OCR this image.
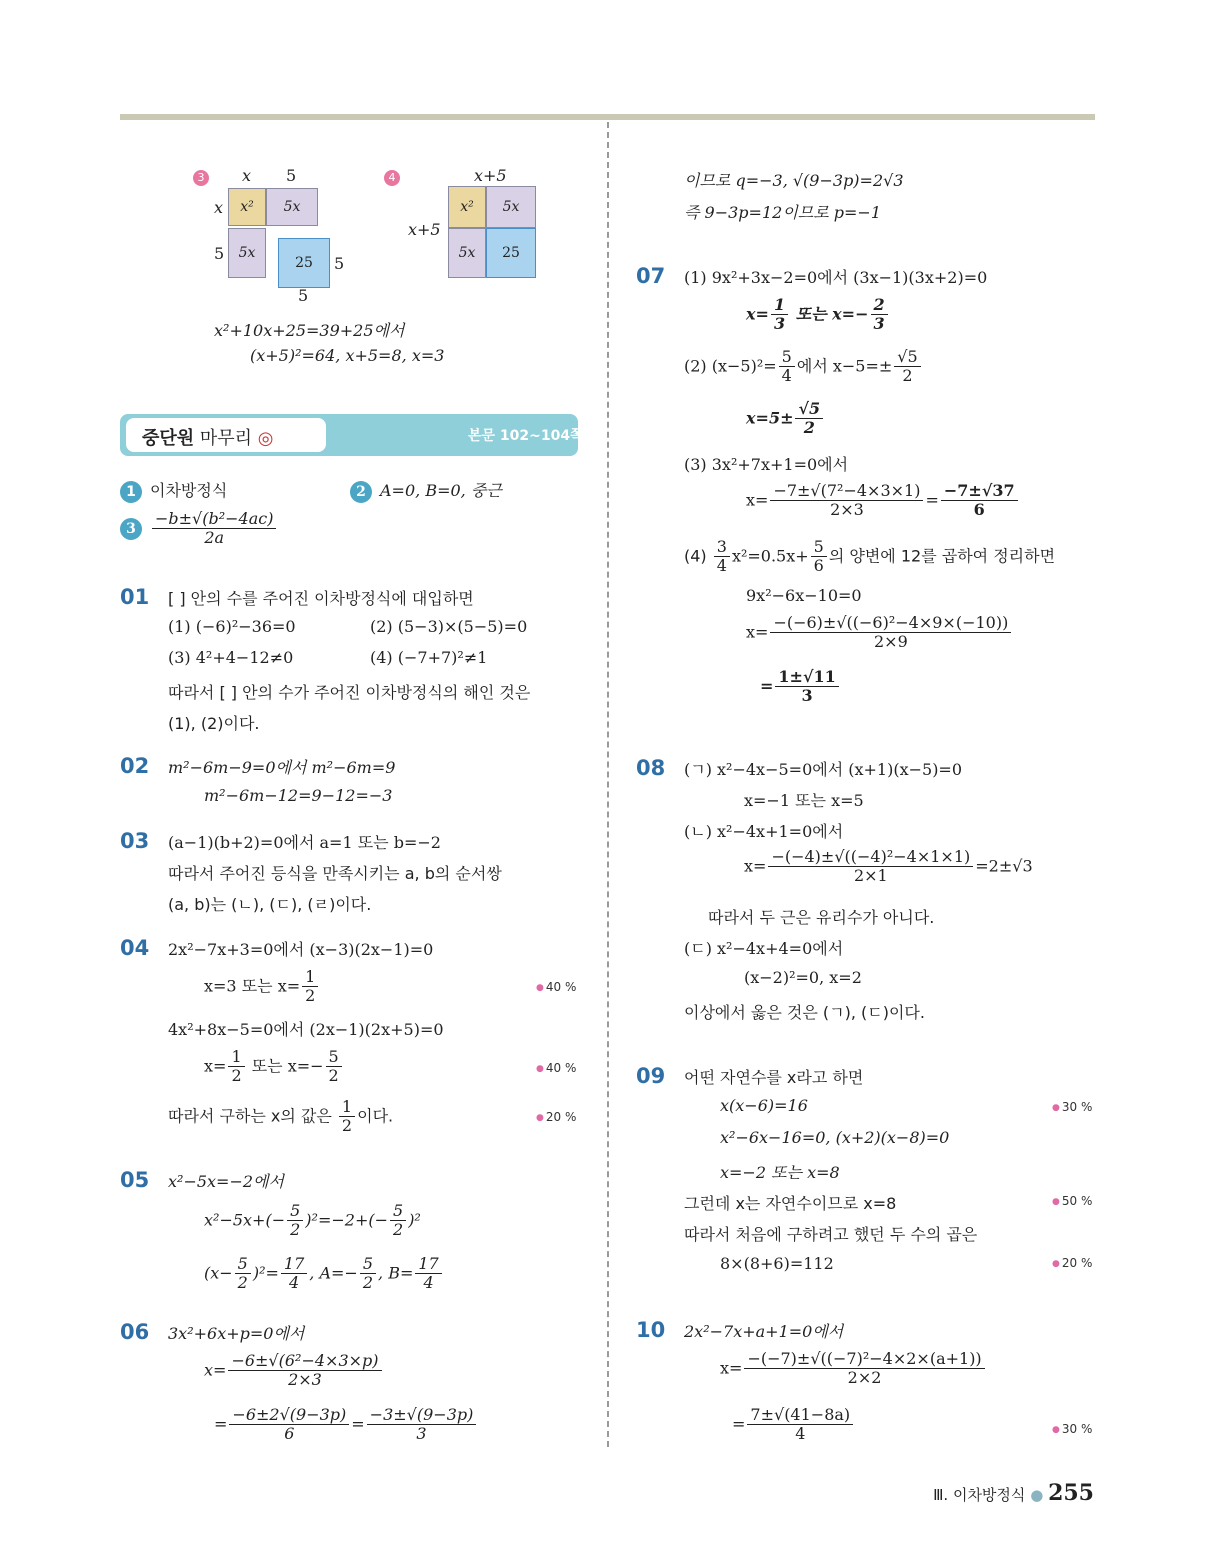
3 x 5
x
5
x²	5x
5x
25	5
5
4	x+5
x+5
x²	5x
5x	25
x²+10x+25=39+25에서
(x+5)²=64, x+5=8, x=3
중단원 마무리 ◎	본문 102~104쪽
1 이차방정식	2 A=0, B=0, 중근
$3 \frac{\text{−b±√(b²−4ac)}}{2a}$
01 [ ] 안의 수를 주어진 이차방정식에 대입하면
(1) (−6)²−36=0	(2) (5−3)×(5−5)=0
(3) 4²+4−12≠0	(4) (−7+7)²≠1
따라서 [ ] 안의 수가 주어진 이차방정식의 해인 것은
(1), (2)이다.
02 m²−6m−9=0에서 m²−6m=9
m²−6m−12=9−12=−3
03 (a−1)(b+2)=0에서 a=1 또는 b=−2
따라서 주어진 등식을 만족시키는 a, b의 순서쌍
(a, b)는 (ㄴ), (ㄷ), (ㄹ)이다.
04 2x²−7x+3=0에서 (x−3)(2x−1)=0
x=3 또는 $x= \frac{1}{2}$	● 40 %
4x²+8x−5=0에서 (2x−1)(2x+5)=0
$x= \frac{1}{2}$ 또는 $x=- \frac{5}{2}$	● 40 %
따라서 구하는 x의 값은 $\frac{1}{2}$ 이다.	● 20 %
05 x²−5x=−2에서
$x^2-5x+(- \frac{5}{2} )^2=-2+(- \frac{5}{2} )^2$
$(x- \frac{5}{2} )^2= \frac{17}{4}$ , $A=- \frac{5}{2}$ , $B= \frac{17}{4}$
06 3x²+6x+p=0에서
$x= \frac{\text{−6±√(6²−4×3×p)}}{2\times 3}$
= $\frac{-6\pm 2√(9-3p)}{6} = \frac{-3\pm√(9-3p)}{3}$
이므로 q=−3, √(9−3p)=2√3
즉 9−3p=12이므로 p=−1
07 (1) 9x²+3x−2=0에서 (3x−1)(3x+2)=0
$x= \frac{1}{3}$ 또는 $x=- \frac{2}{3}$
(2) $(x-5)^2= \frac{5}{4}$ 에서 $x-5=\pm \frac{√5}{2}$
$x=5\pm \frac{√5}{2}$
(3) 3x²+7x+1=0에서
$x= \frac{\text{−7±√(7²−4×3×1)}}{2\times 3} = \frac{-7\pm√37}{6}$
$(4) \frac{3}{4} x^2=0.5x+ \frac{5}{6}$ 의 양변에 12를 곱하여 정리하면
9x²−6x−10=0
$x= \frac{\text{−(−6)±√((−6)²−4×9×(−10))}}{2\times 9}$
= $\frac{1\pm√11}{3}$
08 (ㄱ) x²−4x−5=0에서 (x+1)(x−5)=0
x=−1 또는 x=5
(ㄴ) x²−4x+1=0에서
$x= \frac{\text{−(−4)±√((−4)²−4×1×1)}}{2\times 1} =2\pm√3$
따라서 두 근은 유리수가 아니다.
(ㄷ) x²−4x+4=0에서
(x−2)²=0, x=2
이상에서 옳은 것은 (ㄱ), (ㄷ)이다.
09 어떤 자연수를 x라고 하면
x(x−6)=16	● 30 %
x²−6x−16=0, (x+2)(x−8)=0
x=−2 또는 x=8
그런데 x는 자연수이므로 x=8	● 50 %
따라서 처음에 구하려고 했던 두 수의 곱은
8×(8+6)=112	● 20 %
10 2x²−7x+a+1=0에서
$x= \frac{\text{−(−7)±√((−7)²−4×2×(a+1))}}{2\times 2}$
= $\frac{7\pm√(41-8a)}{4}$	● 30 %
Ⅲ. 이차방정식 ● 255
